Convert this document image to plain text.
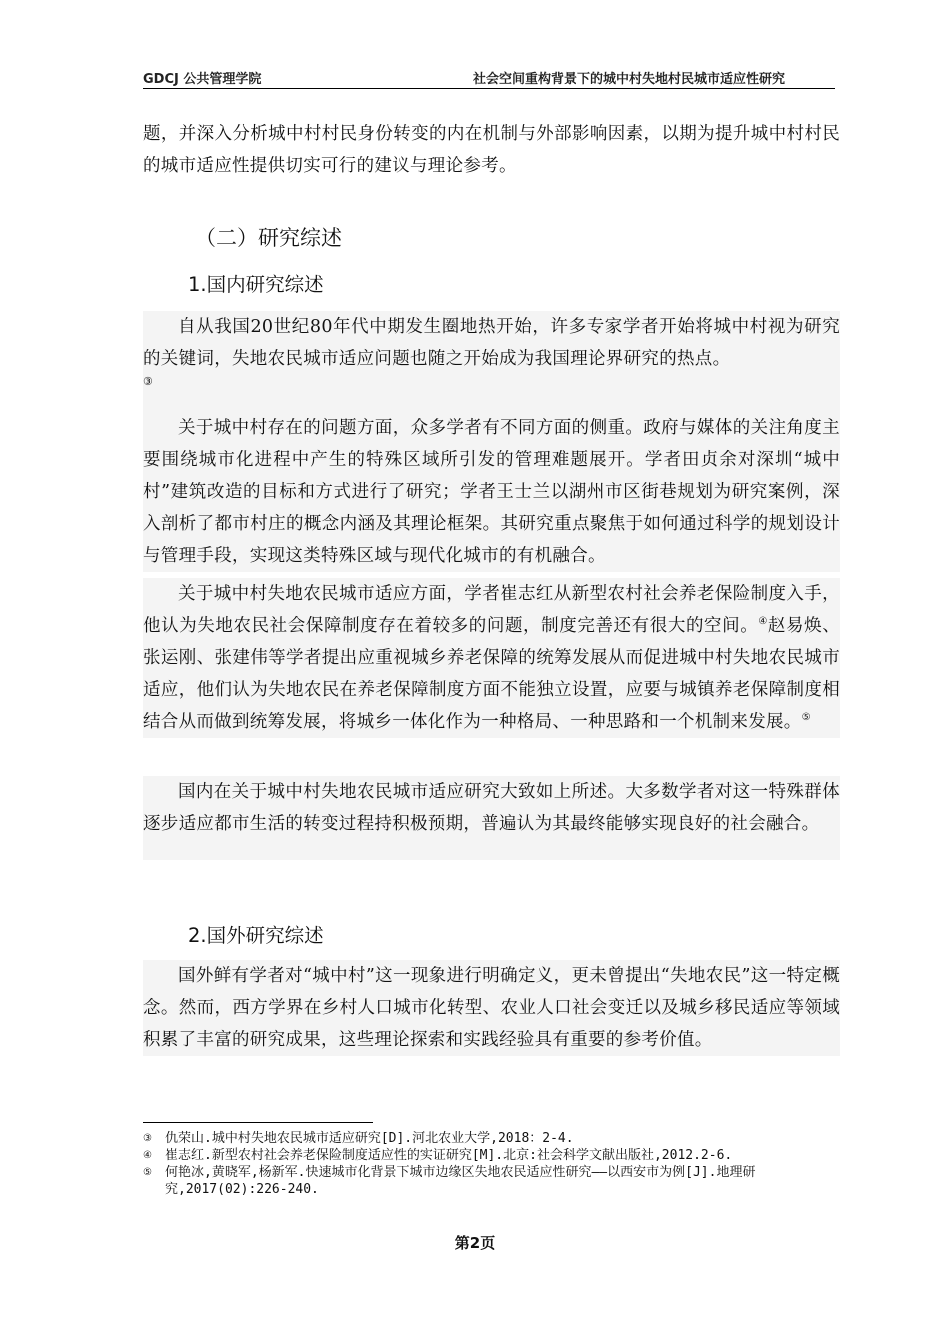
GDCJ 公共管理学院	社会空间重构背景下的城中村失地村民城市适应性研究
题，并深入分析城中村村民身份转变的内在机制与外部影响因素，以期为提升城中村村民的城市适应性提供切实可行的建议与理论参考。
（二）研究综述
1.国内研究综述
自从我国20世纪80年代中期发生圈地热开始，许多专家学者开始将城中村视为研究的关键词，失地农民城市适应问题也随之开始成为我国理论界研究的热点。
③
关于城中村存在的问题方面，众多学者有不同方面的侧重。政府与媒体的关注角度主要围绕城市化进程中产生的特殊区域所引发的管理难题展开。学者田贞余对深圳“城中村”建筑改造的目标和方式进行了研究；学者王士兰以湖州市区街巷规划为研究案例，深入剖析了都市村庄的概念内涵及其理论框架。其研究重点聚焦于如何通过科学的规划设计与管理手段，实现这类特殊区域与现代化城市的有机融合。
关于城中村失地农民城市适应方面，学者崔志红从新型农村社会养老保险制度入手，他认为失地农民社会保障制度存在着较多的问题，制度完善还有很大的空间。④赵易焕、张运刚、张建伟等学者提出应重视城乡养老保障的统筹发展从而促进城中村失地农民城市适应，他们认为失地农民在养老保障制度方面不能独立设置，应要与城镇养老保障制度相结合从而做到统筹发展，将城乡一体化作为一种格局、一种思路和一个机制来发展。⑤
国内在关于城中村失地农民城市适应研究大致如上所述。大多数学者对这一特殊群体逐步适应都市生活的转变过程持积极预期，普遍认为其最终能够实现良好的社会融合。
2.国外研究综述
国外鲜有学者对“城中村”这一现象进行明确定义，更未曾提出“失地农民”这一特定概念。然而，西方学界在乡村人口城市化转型、农业人口社会变迁以及城乡移民适应等领域积累了丰富的研究成果，这些理论探索和实践经验具有重要的参考价值。
③	仇荣山.城中村失地农民城市适应研究[D].河北农业大学,2018：2-4.
④	崔志红.新型农村社会养老保险制度适应性的实证研究[M].北京:社会科学文献出版社,2012.2-6.
⑤	何艳冰,黄晓军,杨新军.快速城市化背景下城市边缘区失地农民适应性研究——以西安市为例[J].地理研究,2017(02):226-240.
第2页
